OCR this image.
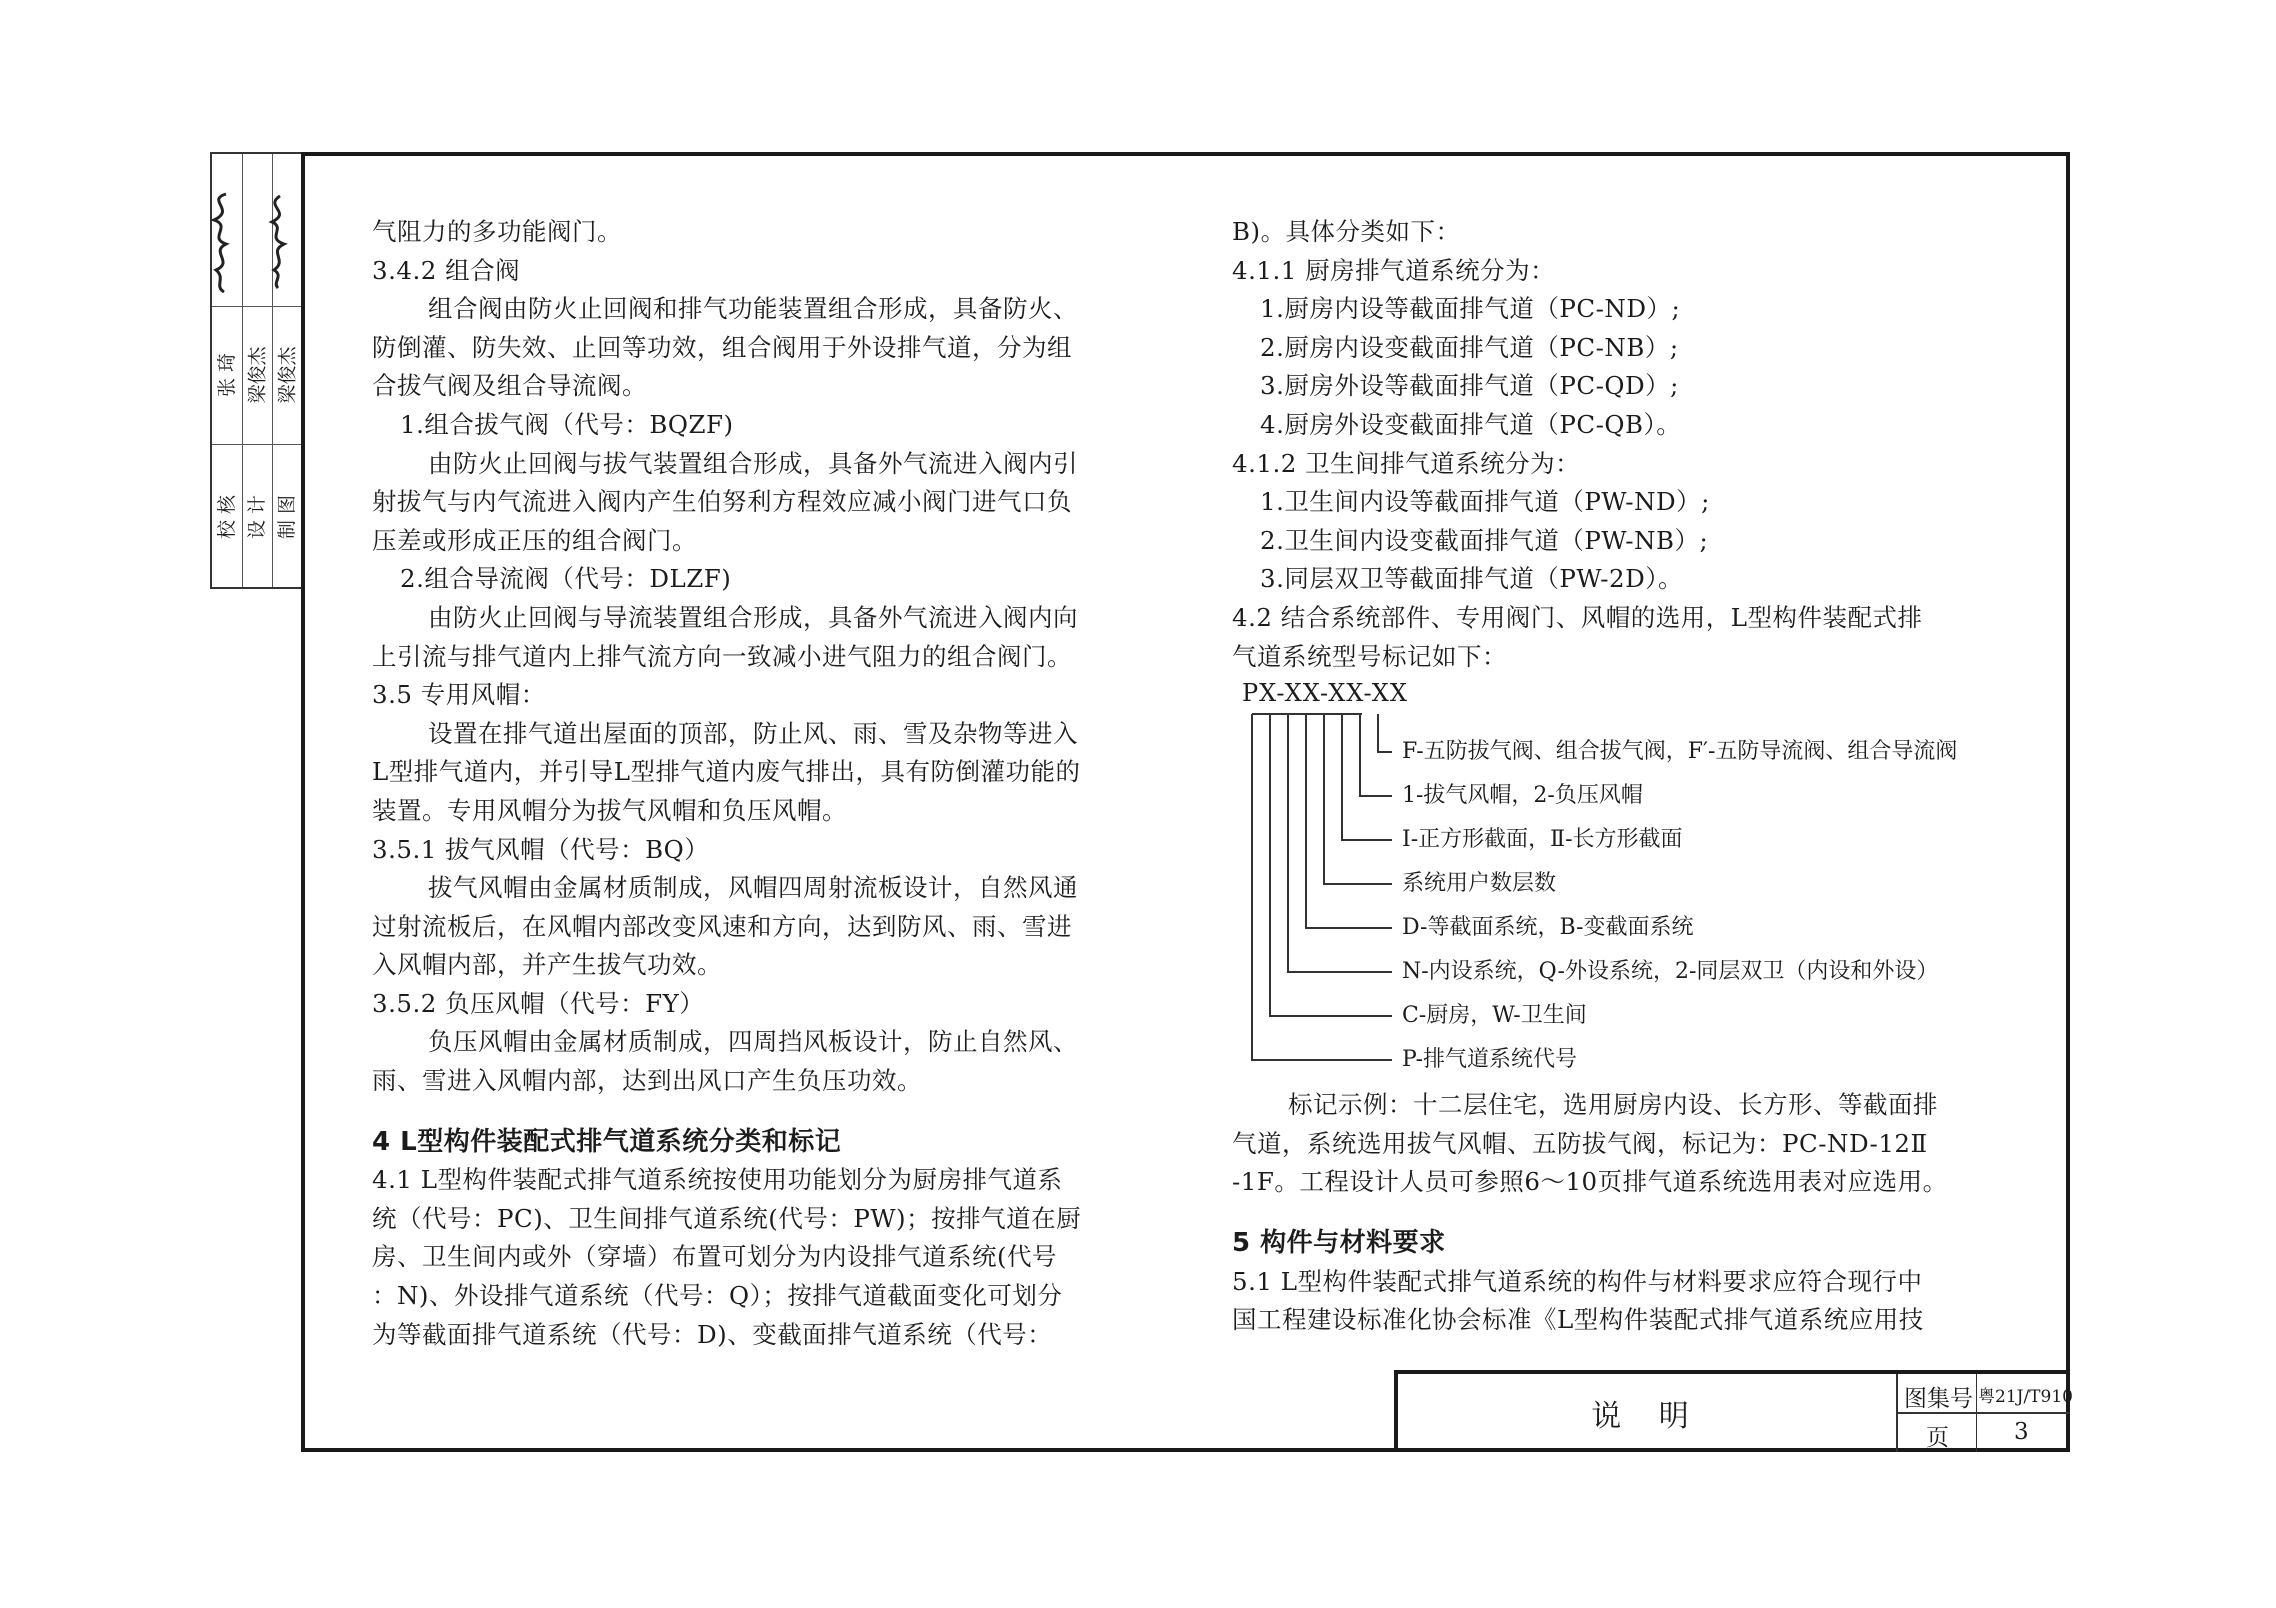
张 琦 梁俊杰 梁俊杰
校 核 设 计 制 图
气阻力的多功能阀门。
3.4.2 组合阀
组合阀由防火止回阀和排气功能装置组合形成，具备防火、
防倒灌、防失效、止回等功效，组合阀用于外设排气道，分为组
合拔气阀及组合导流阀。
1.组合拔气阀（代号：BQZF)
由防火止回阀与拔气装置组合形成，具备外气流进入阀内引
射拔气与内气流进入阀内产生伯努利方程效应减小阀门进气口负
压差或形成正压的组合阀门。
2.组合导流阀（代号：DLZF)
由防火止回阀与导流装置组合形成，具备外气流进入阀内向
上引流与排气道内上排气流方向一致减小进气阻力的组合阀门。
3.5 专用风帽：
设置在排气道出屋面的顶部，防止风、雨、雪及杂物等进入
L型排气道内，并引导L型排气道内废气排出，具有防倒灌功能的
装置。专用风帽分为拔气风帽和负压风帽。
3.5.1 拔气风帽（代号：BQ）
拔气风帽由金属材质制成，风帽四周射流板设计，自然风通
过射流板后，在风帽内部改变风速和方向，达到防风、雨、雪进
入风帽内部，并产生拔气功效。
3.5.2 负压风帽（代号：FY）
负压风帽由金属材质制成，四周挡风板设计，防止自然风、
雨、雪进入风帽内部，达到出风口产生负压功效。
4 L型构件装配式排气道系统分类和标记
4.1 L型构件装配式排气道系统按使用功能划分为厨房排气道系
统（代号：PC)、卫生间排气道系统(代号：PW)；按排气道在厨
房、卫生间内或外（穿墙）布置可划分为内设排气道系统(代号
：N)、外设排气道系统（代号：Q）；按排气道截面变化可划分
为等截面排气道系统（代号：D)、变截面排气道系统（代号：
B)。具体分类如下：
4.1.1 厨房排气道系统分为：
1.厨房内设等截面排气道（PC-ND）;
2.厨房内设变截面排气道（PC-NB）;
3.厨房外设等截面排气道（PC-QD）;
4.厨房外设变截面排气道（PC-QB）。
4.1.2 卫生间排气道系统分为：
1.卫生间内设等截面排气道（PW-ND）;
2.卫生间内设变截面排气道（PW-NB）;
3.同层双卫等截面排气道（PW-2D）。
4.2 结合系统部件、专用阀门、风帽的选用，L型构件装配式排
气道系统型号标记如下：
PX-XX-XX-XX
F-五防拔气阀、组合拔气阀，F′-五防导流阀、组合导流阀
1-拔气风帽，2-负压风帽
Ⅰ-正方形截面，Ⅱ-长方形截面
系统用户数层数
D-等截面系统，B-变截面系统
N-内设系统，Q-外设系统，2-同层双卫（内设和外设）
C-厨房，W-卫生间
P-排气道系统代号
标记示例：十二层住宅，选用厨房内设、长方形、等截面排
气道，系统选用拔气风帽、五防拔气阀，标记为：PC-ND-12Ⅱ
-1F。工程设计人员可参照6～10页排气道系统选用表对应选用。
5 构件与材料要求
5.1 L型构件装配式排气道系统的构件与材料要求应符合现行中
国工程建设标准化协会标准《L型构件装配式排气道系统应用技
说 明	图集号 粤21J/T910
页	3
